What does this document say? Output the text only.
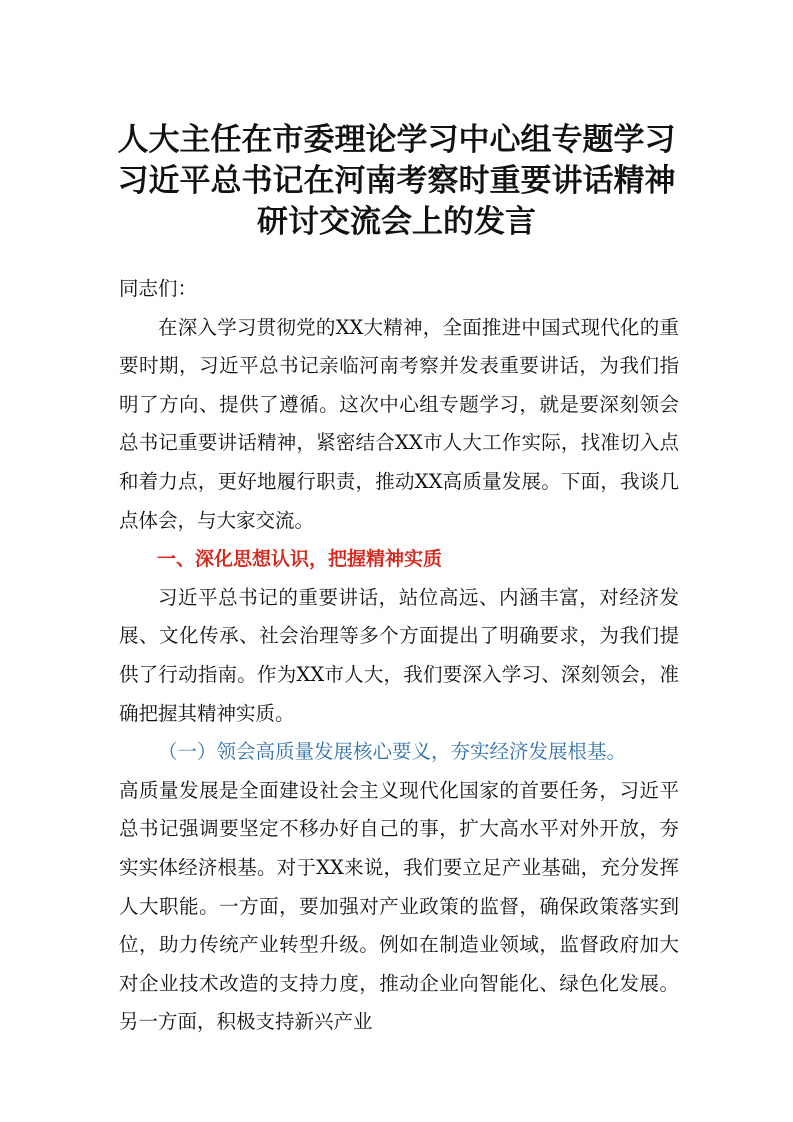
人大主任在市委理论学习中心组专题学习
习近平总书记在河南考察时重要讲话精神
研讨交流会上的发言

同志们：

在深入学习贯彻党的XX大精神，全面推进中国式现代化的重要时期，习近平总书记亲临河南考察并发表重要讲话，为我们指明了方向、提供了遵循。这次中心组专题学习，就是要深刻领会总书记重要讲话精神，紧密结合XX市人大工作实际，找准切入点和着力点，更好地履行职责，推动XX高质量发展。下面，我谈几点体会，与大家交流。

一、深化思想认识，把握精神实质

习近平总书记的重要讲话，站位高远、内涵丰富，对经济发展、文化传承、社会治理等多个方面提出了明确要求，为我们提供了行动指南。作为XX市人大，我们要深入学习、深刻领会，准确把握其精神实质。

（一）领会高质量发展核心要义，夯实经济发展根基。

高质量发展是全面建设社会主义现代化国家的首要任务，习近平总书记强调要坚定不移办好自己的事，扩大高水平对外开放，夯实实体经济根基。对于XX来说，我们要立足产业基础，充分发挥人大职能。一方面，要加强对产业政策的监督，确保政策落实到位，助力传统产业转型升级。例如在制造业领域，监督政府加大对企业技术改造的支持力度，推动企业向智能化、绿色化发展。另一方面，积极支持新兴产业
